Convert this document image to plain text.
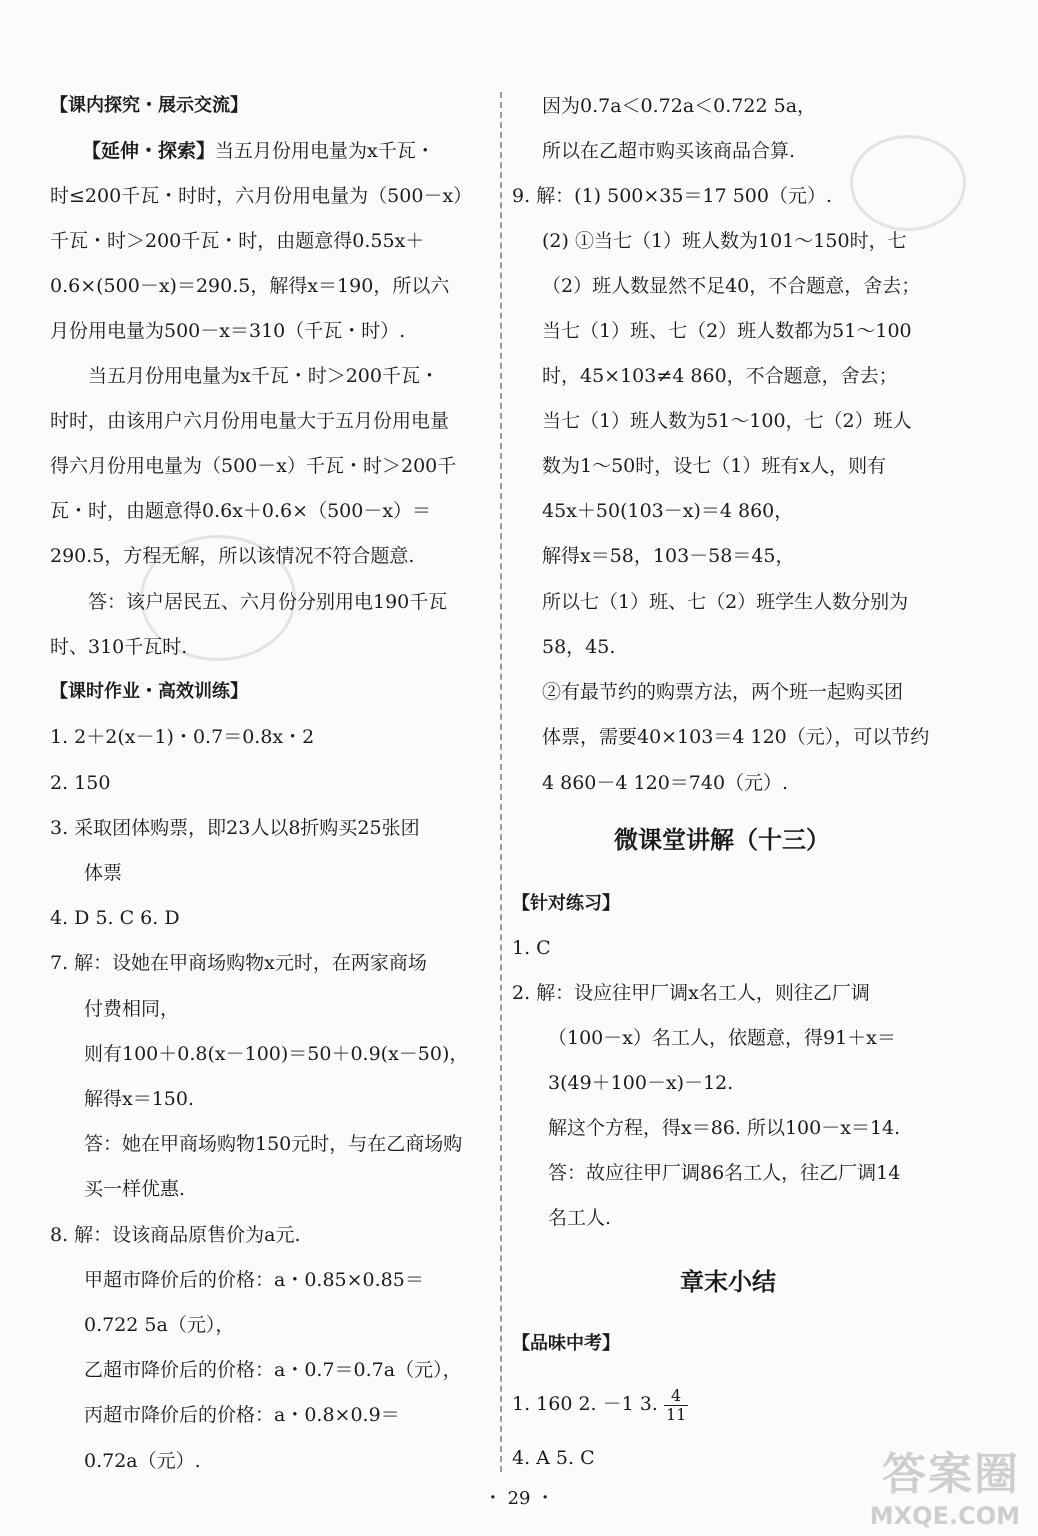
【课内探究・展示交流】
【延伸・探索】当五月份用电量为x千瓦・
时≤200千瓦・时时，六月份用电量为（500－x）
千瓦・时＞200千瓦・时，由题意得0.55x＋
0.6×(500－x)＝290.5，解得x＝190，所以六
月份用电量为500－x＝310（千瓦・时）.
当五月份用电量为x千瓦・时＞200千瓦・
时时，由该用户六月份用电量大于五月份用电量
得六月份用电量为（500－x）千瓦・时＞200千
瓦・时，由题意得0.6x＋0.6×（500－x）＝
290.5，方程无解，所以该情况不符合题意.
答：该户居民五、六月份分别用电190千瓦
时、310千瓦时.
【课时作业・高效训练】
1. 2＋2(x－1)・0.7＝0.8x・2
2. 150
3. 采取团体购票，即23人以8折购买25张团
体票
4. D 5. C 6. D
7. 解：设她在甲商场购物x元时，在两家商场
付费相同，
则有100＋0.8(x－100)＝50＋0.9(x－50)，
解得x＝150.
答：她在甲商场购物150元时，与在乙商场购
买一样优惠.
8. 解：设该商品原售价为a元.
甲超市降价后的价格：a・0.85×0.85＝
0.722 5a（元），
乙超市降价后的价格：a・0.7＝0.7a（元），
丙超市降价后的价格：a・0.8×0.9＝
0.72a（元）.
因为0.7a＜0.72a＜0.722 5a，
所以在乙超市购买该商品合算.
9. 解：(1) 500×35＝17 500（元）.
(2) ①当七（1）班人数为101～150时，七
（2）班人数显然不足40，不合题意，舍去；
当七（1）班、七（2）班人数都为51～100
时，45×103≠4 860，不合题意，舍去；
当七（1）班人数为51～100，七（2）班人
数为1～50时，设七（1）班有x人，则有
45x＋50(103－x)＝4 860，
解得x＝58，103－58＝45，
所以七（1）班、七（2）班学生人数分别为
58，45.
②有最节约的购票方法，两个班一起购买团
体票，需要40×103＝4 120（元），可以节约
4 860－4 120＝740（元）.
微课堂讲解（十三）
【针对练习】
1. C
2. 解：设应往甲厂调x名工人，则往乙厂调
（100－x）名工人，依题意，得91＋x＝
3(49＋100－x)－12.
解这个方程，得x＝86. 所以100－x＝14.
答：故应往甲厂调86名工人，往乙厂调14
名工人.
章末小结
【品味中考】
1. 160 2. －1 3. $\frac{4}{11}$
4. A 5. C
・ 29 ・	答案圈
MXQE.COM
